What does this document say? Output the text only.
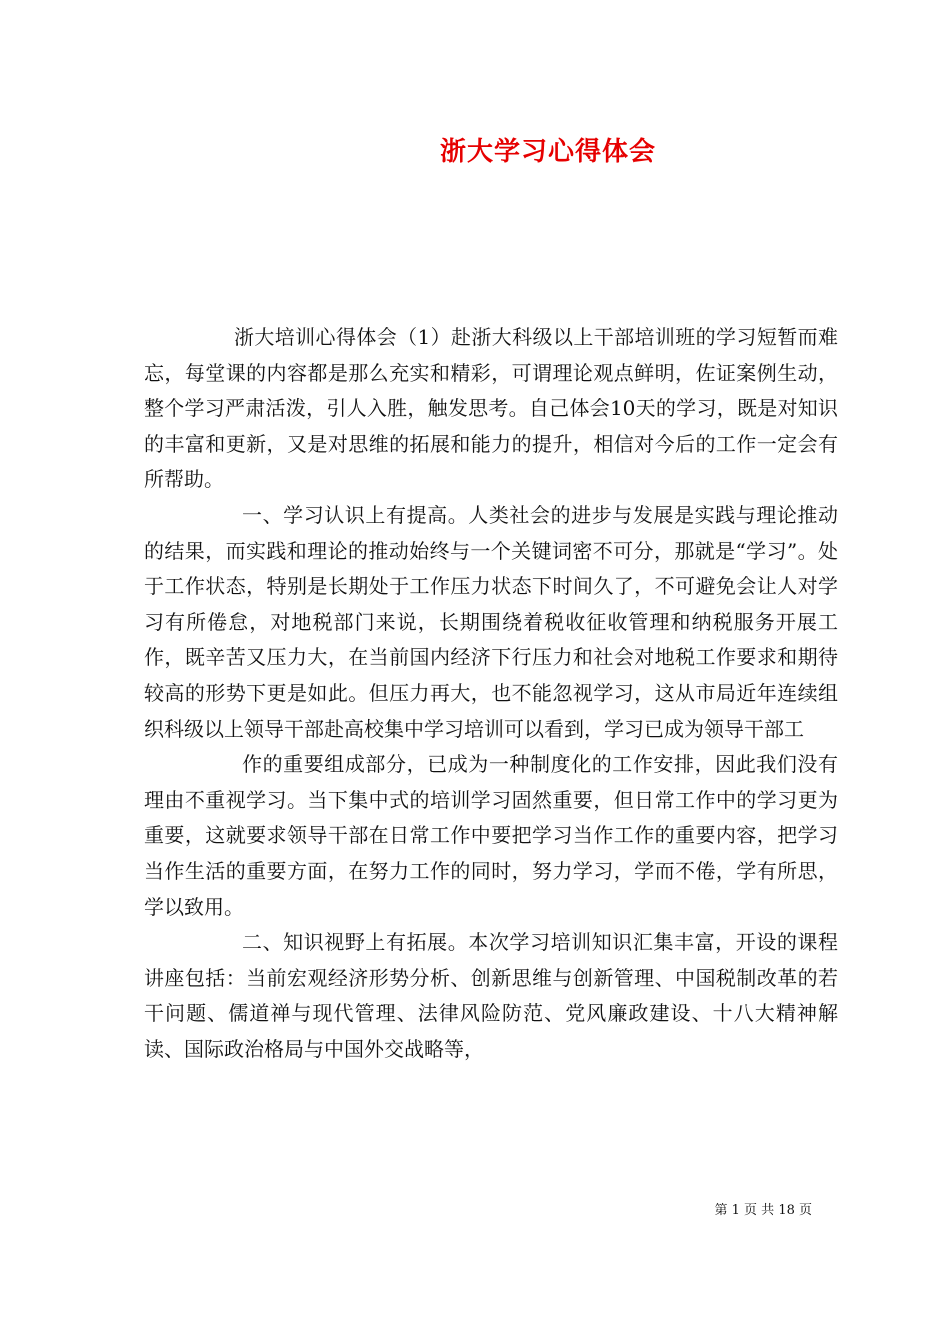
浙大学习心得体会

浙大培训心得体会（1）赴浙大科级以上干部培训班的学习短暂而难忘，每堂课的内容都是那么充实和精彩，可谓理论观点鲜明，佐证案例生动，整个学习严肃活泼，引人入胜，触发思考。自己体会10天的学习，既是对知识的丰富和更新，又是对思维的拓展和能力的提升，相信对今后的工作一定会有所帮助。

一、学习认识上有提高。人类社会的进步与发展是实践与理论推动的结果，而实践和理论的推动始终与一个关键词密不可分，那就是“学习”。处于工作状态，特别是长期处于工作压力状态下时间久了，不可避免会让人对学习有所倦怠，对地税部门来说，长期围绕着税收征收管理和纳税服务开展工作，既辛苦又压力大，在当前国内经济下行压力和社会对地税工作要求和期待较高的形势下更是如此。但压力再大，也不能忽视学习，这从市局近年连续组织科级以上领导干部赴高校集中学习培训可以看到，学习已成为领导干部工

作的重要组成部分，已成为一种制度化的工作安排，因此我们没有理由不重视学习。当下集中式的培训学习固然重要，但日常工作中的学习更为重要，这就要求领导干部在日常工作中要把学习当作工作的重要内容，把学习当作生活的重要方面，在努力工作的同时，努力学习，学而不倦，学有所思，学以致用。

二、知识视野上有拓展。本次学习培训知识汇集丰富，开设的课程讲座包括：当前宏观经济形势分析、创新思维与创新管理、中国税制改革的若干问题、儒道禅与现代管理、法律风险防范、党风廉政建设、十八大精神解读、国际政治格局与中国外交战略等，

第 1 页 共 18 页
